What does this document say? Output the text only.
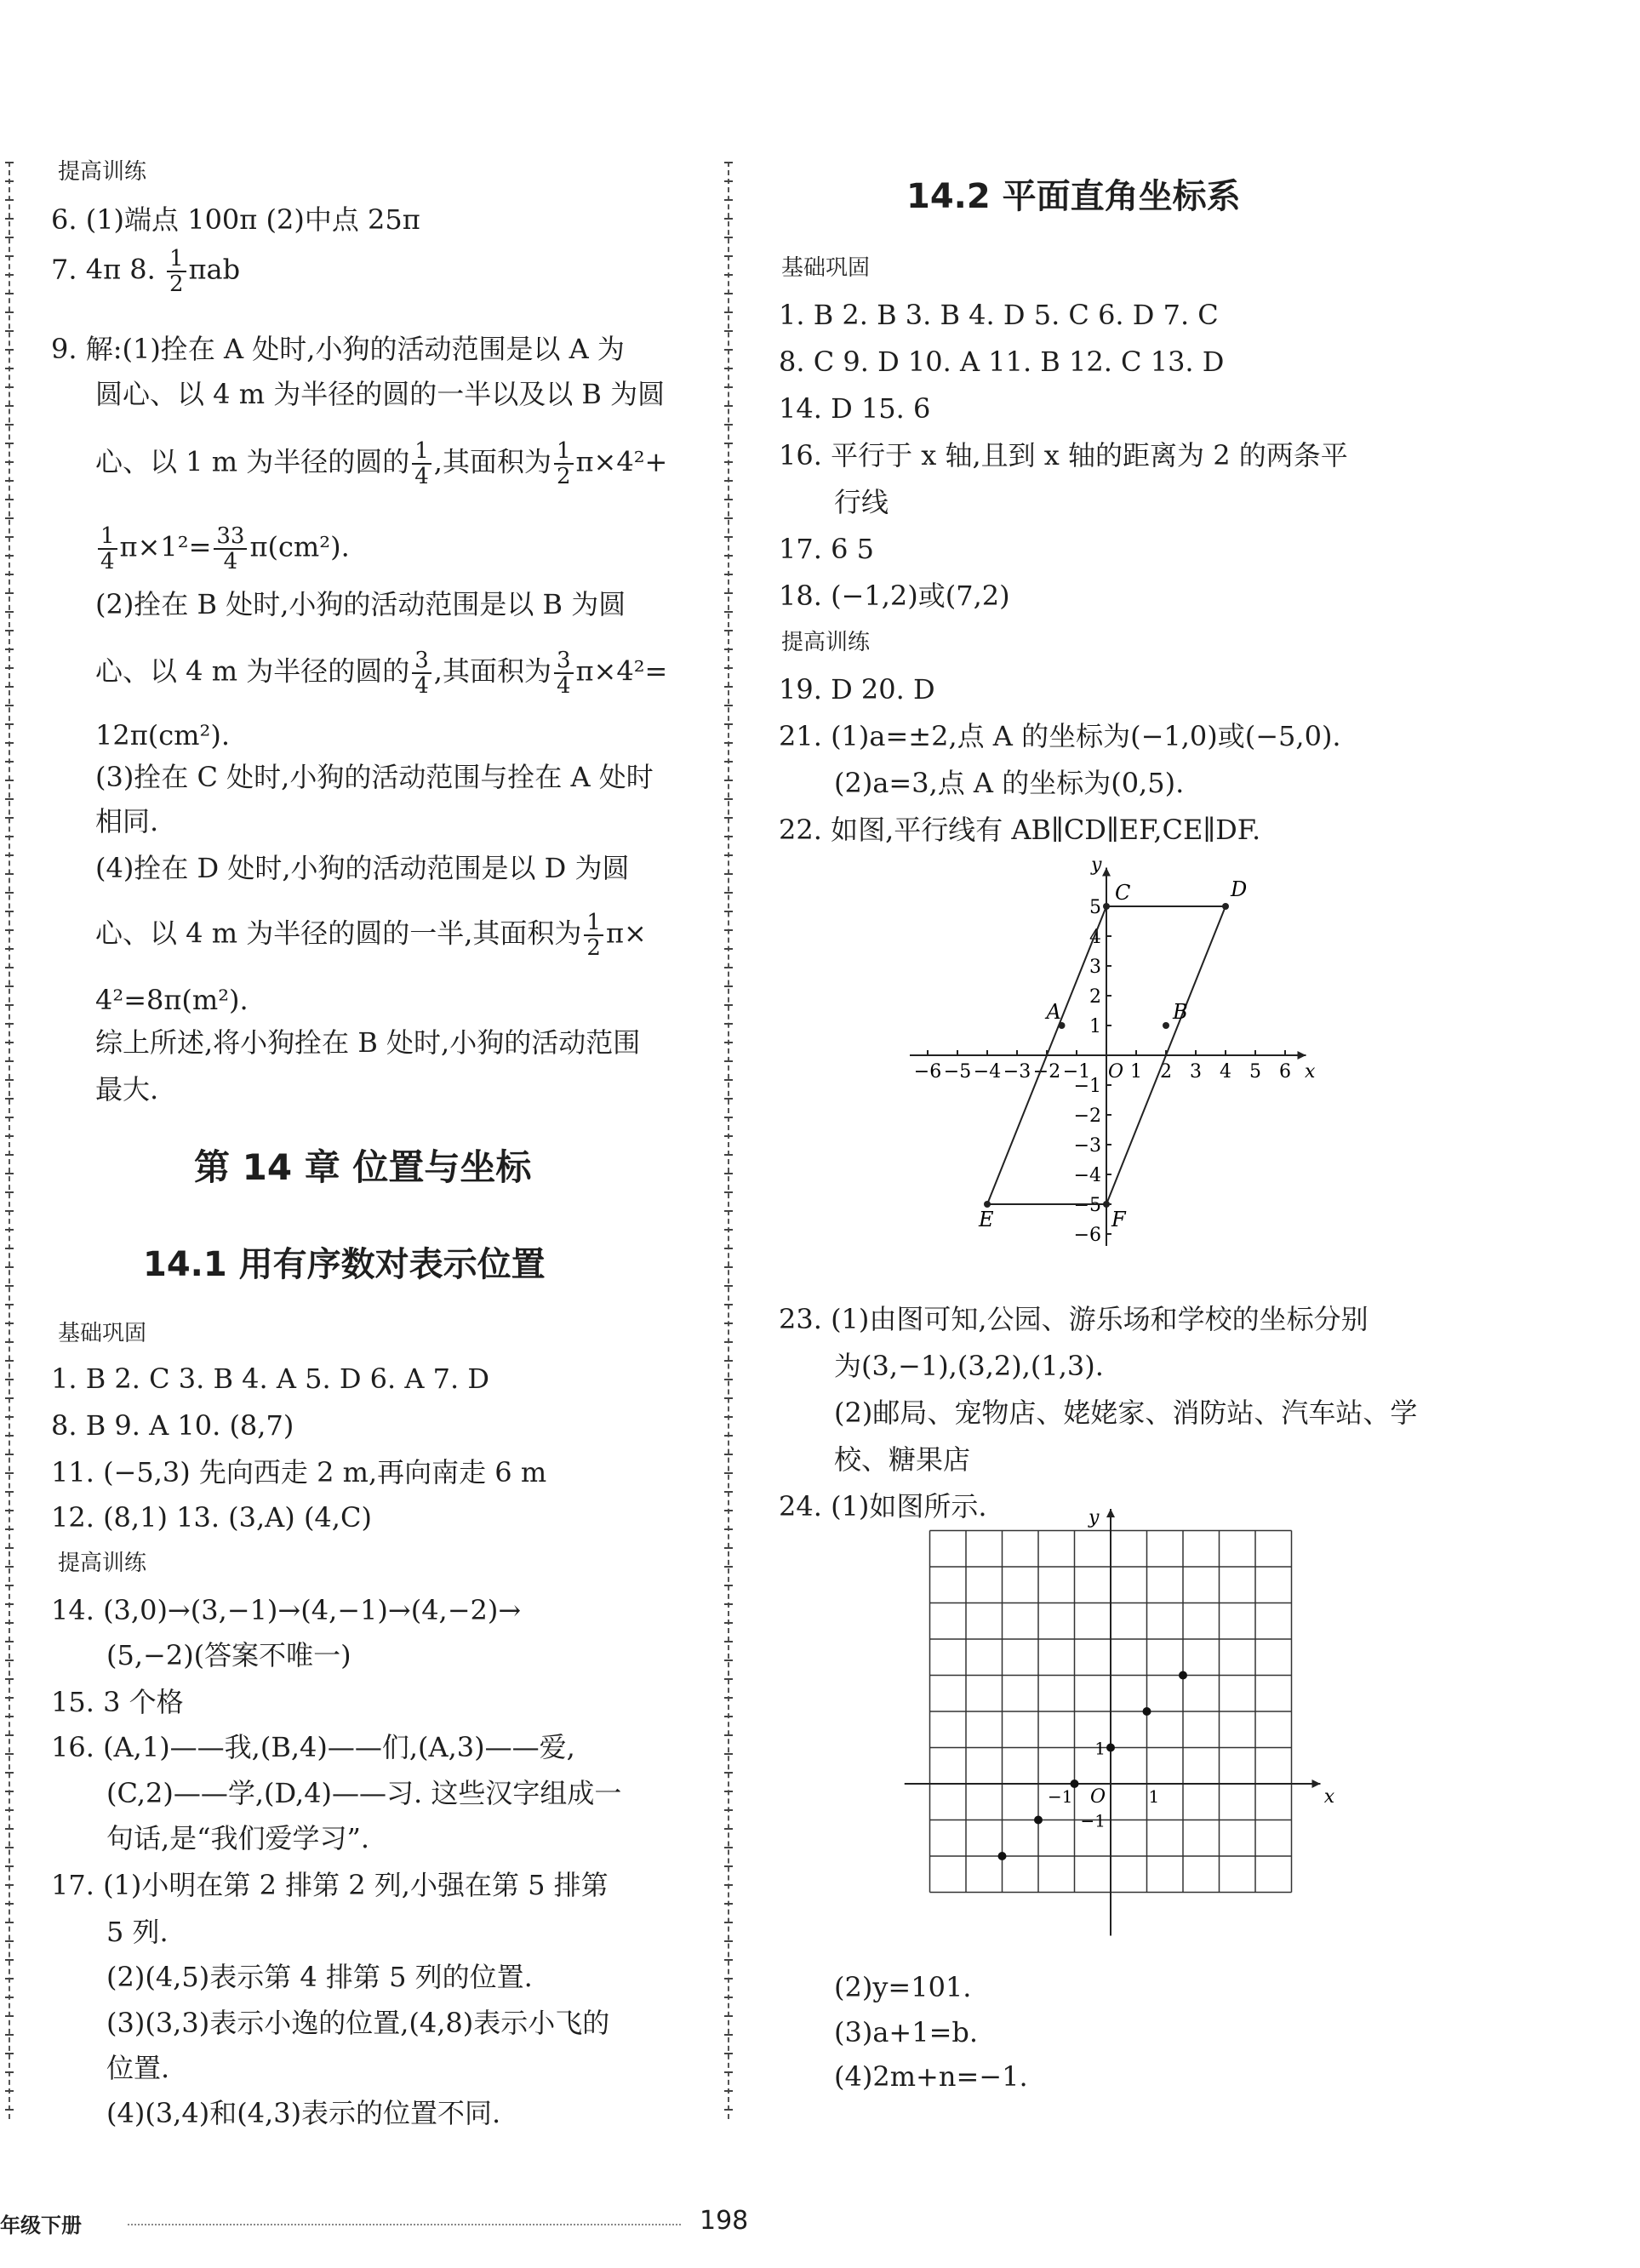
提高训练
6. (1)端点 100π (2)中点 25π
7. 4π 8. $\frac{1}{2}$ πab
9. 解:(1)拴在 A 处时,小狗的活动范围是以 A 为
圆心、以 4 m 为半径的圆的一半以及以 B 为圆
心、以 1 m 为半径的圆的 $\frac{1}{4}$ ,其面积为 $\frac{1}{2} \pi\times 4^2+$
$\frac{1}{4} \pi\times 1^2= \frac{33}{4} \pi(cm^2)$.
(2)拴在 B 处时,小狗的活动范围是以 B 为圆
心、以 4 m 为半径的圆的 $\frac{3}{4}$ ,其面积为 $\frac{3}{4} \pi\times 4^2=$
12π(cm²).
(3)拴在 C 处时,小狗的活动范围与拴在 A 处时
相同.
(4)拴在 D 处时,小狗的活动范围是以 D 为圆
心、以 4 m 为半径的圆的一半,其面积为 $\frac{1}{2} \pi\times$
4²=8π(m²).
综上所述,将小狗拴在 B 处时,小狗的活动范围
最大.
第 14 章 位置与坐标
14.1 用有序数对表示位置
基础巩固
1. B 2. C 3. B 4. A 5. D 6. A 7. D
8. B 9. A 10. (8,7)
11. (−5,3) 先向西走 2 m,再向南走 6 m
12. (8,1) 13. (3,A) (4,C)
提高训练
14. (3,0)→(3,−1)→(4,−1)→(4,−2)→
(5,−2)(答案不唯一)
15. 3 个格
16. (A,1)——我,(B,4)——们,(A,3)——爱,
(C,2)——学,(D,4)——习. 这些汉字组成一
句话,是“我们爱学习”.
17. (1)小明在第 2 排第 2 列,小强在第 5 排第
5 列.
(2)(4,5)表示第 4 排第 5 列的位置.
(3)(3,3)表示小逸的位置,(4,8)表示小飞的
位置.
(4)(3,4)和(4,3)表示的位置不同.
14.2 平面直角坐标系
基础巩固
1. B 2. B 3. B 4. D 5. C 6. D 7. C
8. C 9. D 10. A 11. B 12. C 13. D
14. D 15. 6
16. 平行于 x 轴,且到 x 轴的距离为 2 的两条平
行线
17. 6 5
18. (−1,2)或(7,2)
提高训练
19. D 20. D
21. (1)a=±2,点 A 的坐标为(−1,0)或(−5,0).
(2)a=3,点 A 的坐标为(0,5).
22. 如图,平行线有 AB∥CD∥EF,CE∥DF.
23. (1)由图可知,公园、游乐场和学校的坐标分别
为(3,−1),(3,2),(1,3).
(2)邮局、宠物店、姥姥家、消防站、汽车站、学
校、糖果店
24. (1)如图所示.
(2)y=101.
(3)a+1=b.
(4)2m+n=−1.
−6 −5 −4 −3 −2 −1 1 2 3 4 5 6
5
4
3
2
1
−1
−2
−3
−4
−5
−6
x
y
O
C	D
A	B
E	F
x
y
O	1
−1
1
−1
年级下册	198
